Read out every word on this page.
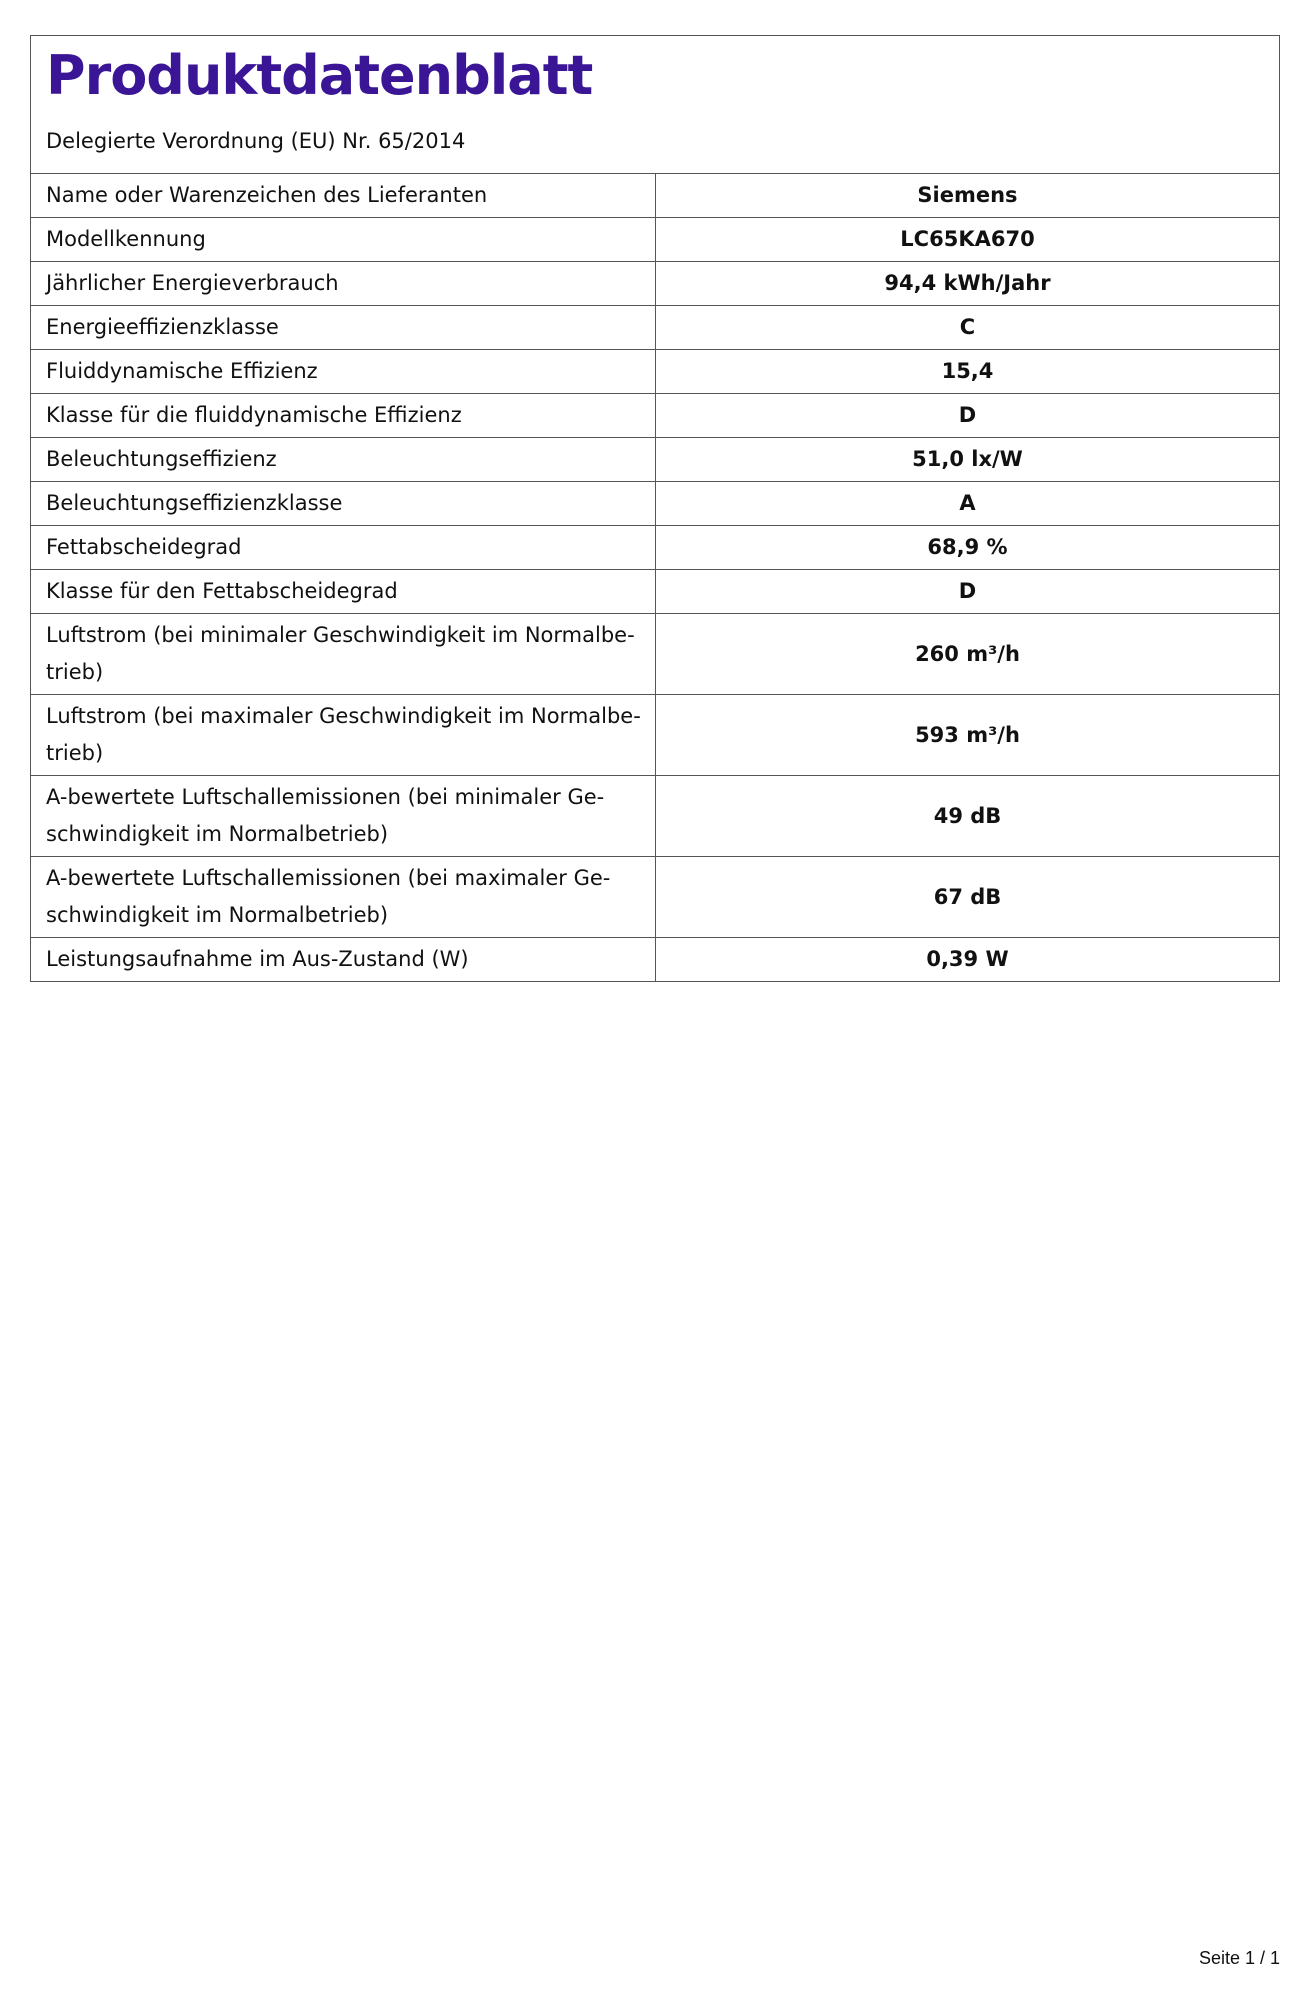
Produktdatenblatt

Delegierte Verordnung (EU) Nr. 65/2014

Name oder Warenzeichen des Lieferanten	Siemens
Modellkennung	LC65KA670
Jährlicher Energieverbrauch	94,4 kWh/Jahr
Energieeffizienzklasse	C
Fluiddynamische Effizienz	15,4
Klasse für die fluiddynamische Effizienz	D
Beleuchtungseffizienz	51,0 lx/W
Beleuchtungseffizienzklasse	A
Fettabscheidegrad	68,9 %
Klasse für den Fettabscheidegrad	D
Luftstrom (bei minimaler Geschwindigkeit im Normalbe-trieb)	260 m³/h
Luftstrom (bei maximaler Geschwindigkeit im Normalbe-trieb)	593 m³/h
A-bewertete Luftschallemissionen (bei minimaler Ge-schwindigkeit im Normalbetrieb)	49 dB
A-bewertete Luftschallemissionen (bei maximaler Ge-schwindigkeit im Normalbetrieb)	67 dB
Leistungsaufnahme im Aus-Zustand (W)	0,39 W
Seite 1 / 1
